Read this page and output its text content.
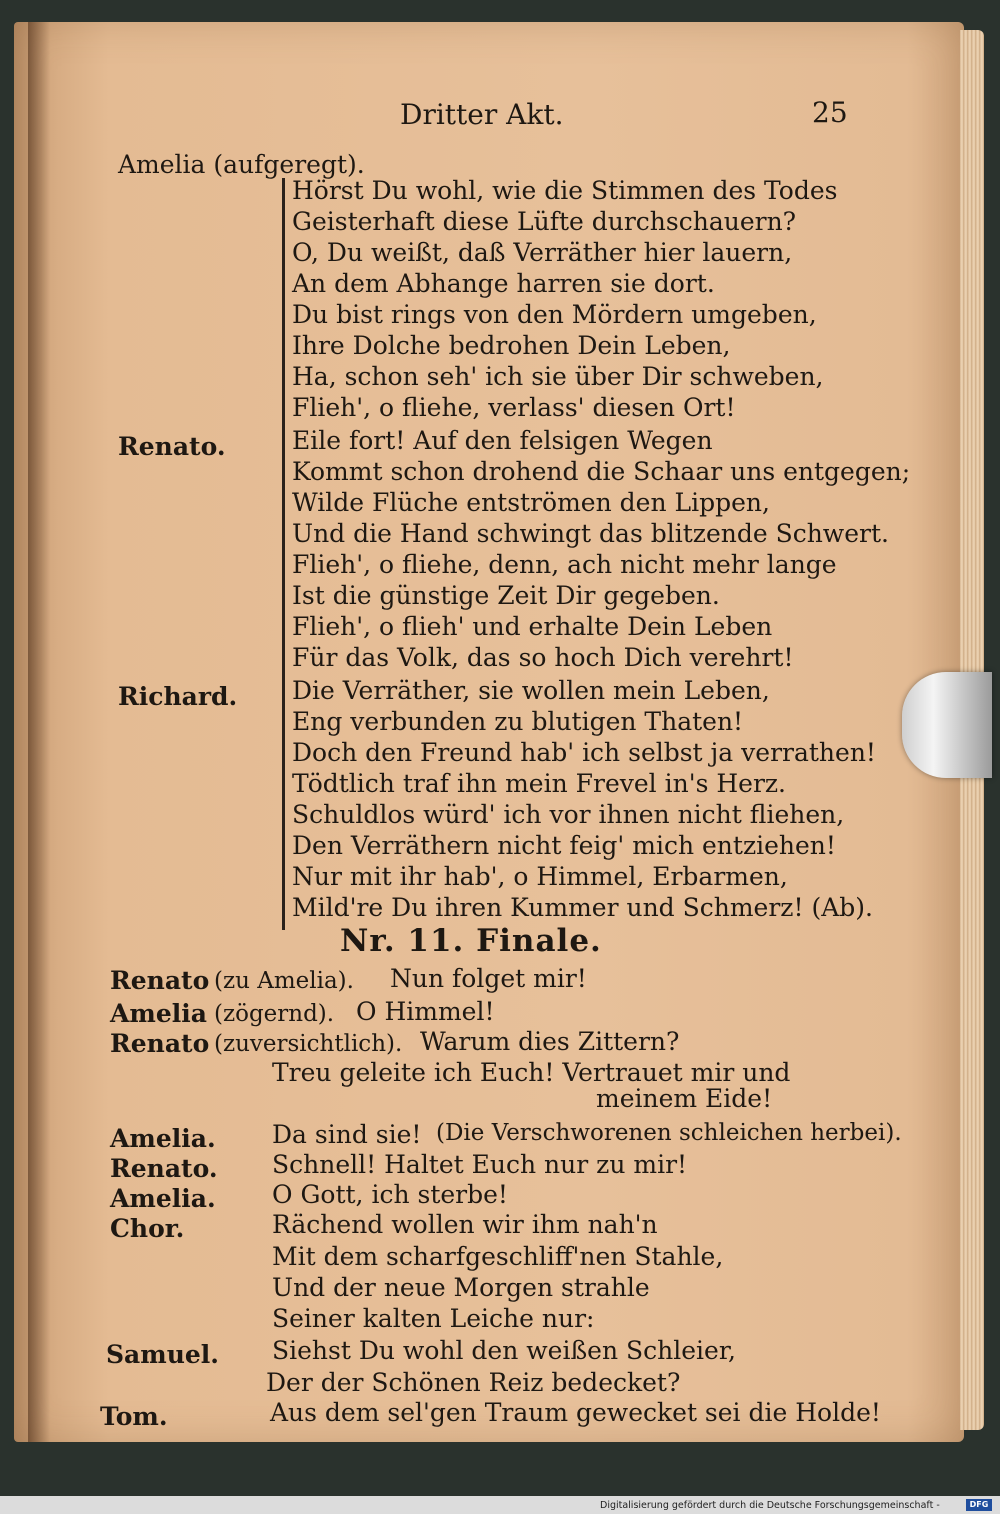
Dritter Akt.	25
Amelia (aufgeregt).
Hörst Du wohl, wie die Stimmen des Todes
Geisterhaft diese Lüfte durchschauern?
O, Du weißt, daß Verräther hier lauern,
An dem Abhange harren sie dort.
Du bist rings von den Mördern umgeben,
Ihre Dolche bedrohen Dein Leben,
Ha, schon seh' ich sie über Dir schweben,
Flieh', o fliehe, verlass' diesen Ort!
Renato.	Eile fort! Auf den felsigen Wegen
Kommt schon drohend die Schaar uns entgegen;
Wilde Flüche entströmen den Lippen,
Und die Hand schwingt das blitzende Schwert.
Flieh', o fliehe, denn, ach nicht mehr lange
Ist die günstige Zeit Dir gegeben.
Flieh', o flieh' und erhalte Dein Leben
Für das Volk, das so hoch Dich verehrt!
Richard. Die Verräther, sie wollen mein Leben,
Eng verbunden zu blutigen Thaten!
Doch den Freund hab' ich selbst ja verrathen!
Tödtlich traf ihn mein Frevel in's Herz.
Schuldlos würd' ich vor ihnen nicht fliehen,
Den Verräthern nicht feig' mich entziehen!
Nur mit ihr hab', o Himmel, Erbarmen,
Mild're Du ihren Kummer und Schmerz! (Ab).
Nr. 11. Finale.
Renato (zu Amelia). Nun folget mir!
Amelia (zögernd). O Himmel!
Renato (zuversichtlich). Warum dies Zittern?
Treu geleite ich Euch! Vertrauet mir und
meinem Eide!
Amelia. Da sind sie! (Die Verschworenen schleichen herbei).
Renato. Schnell! Haltet Euch nur zu mir!
Amelia. O Gott, ich sterbe!
Chor.	Rächend wollen wir ihm nah'n
Mit dem scharfgeschliff'nen Stahle,
Und der neue Morgen strahle
Seiner kalten Leiche nur:
Samuel. Siehst Du wohl den weißen Schleier,
Der der Schönen Reiz bedecket?
Tom.	Aus dem sel'gen Traum gewecket sei die Holde!
Digitalisierung gefördert durch die Deutsche Forschungsgemeinschaft -	DFG
